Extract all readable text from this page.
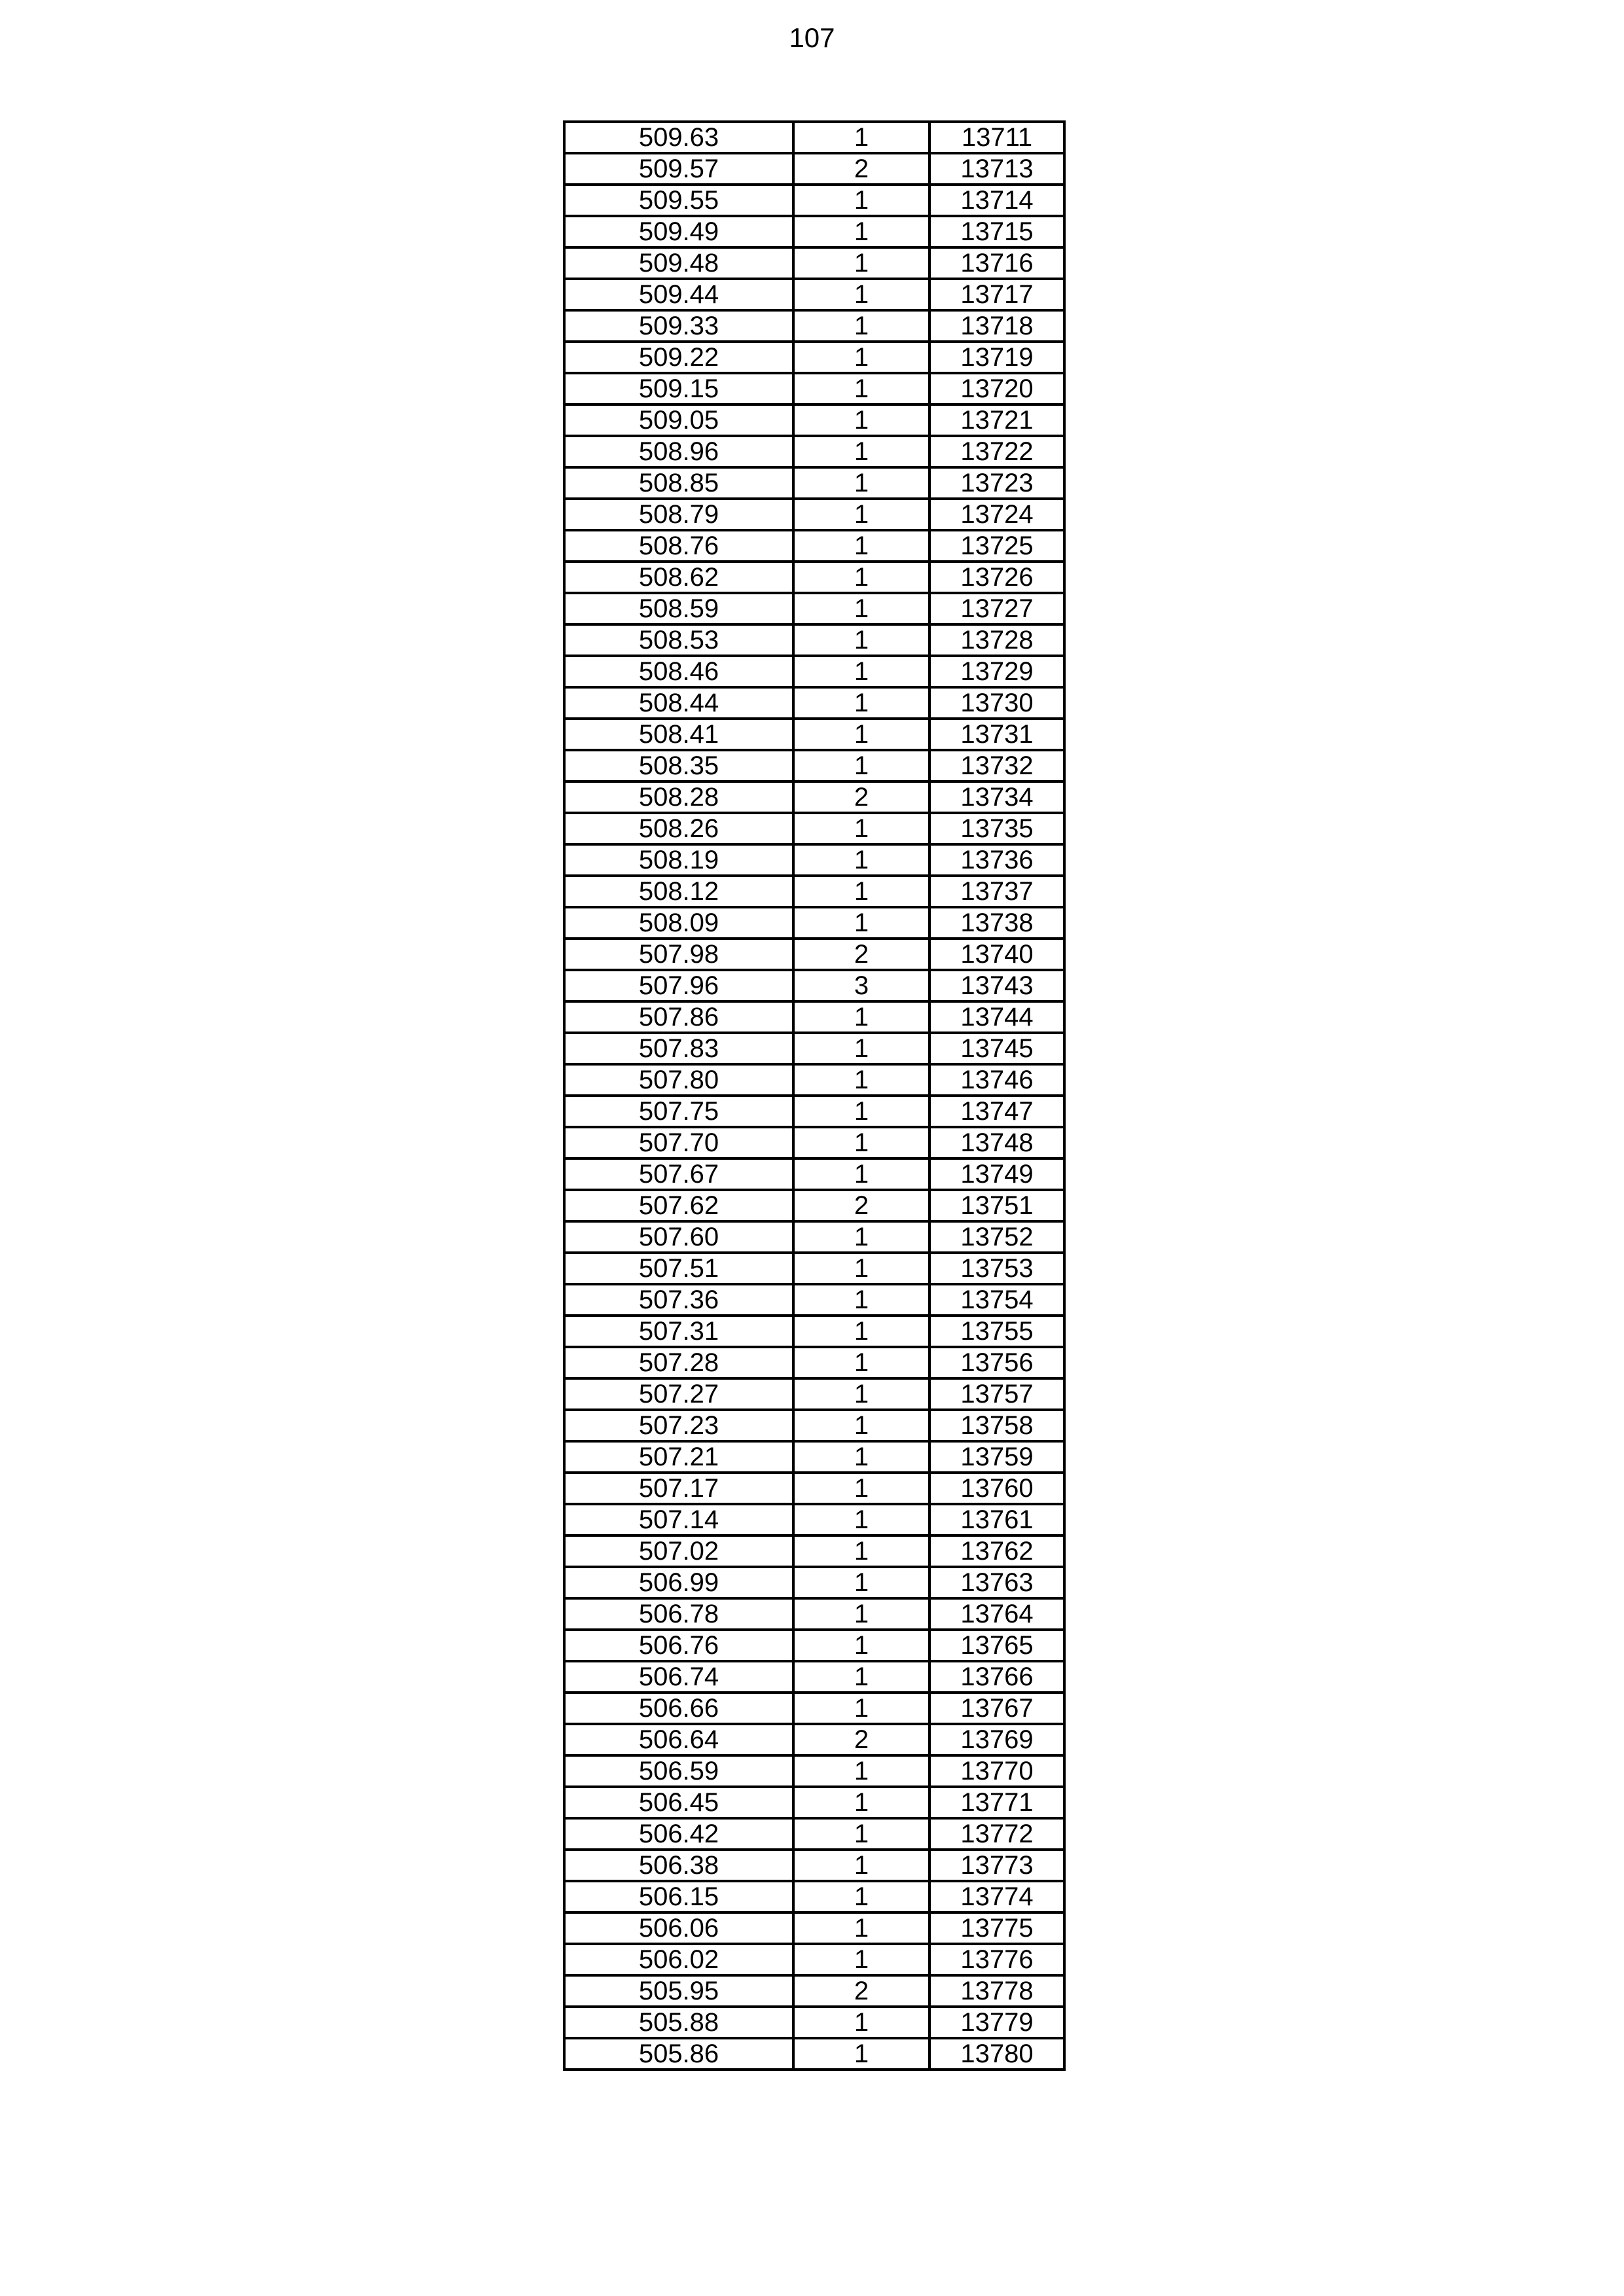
107
509.63	1	13711
509.57	2	13713
509.55	1	13714
509.49	1	13715
509.48	1	13716
509.44	1	13717
509.33	1	13718
509.22	1	13719
509.15	1	13720
509.05	1	13721
508.96	1	13722
508.85	1	13723
508.79	1	13724
508.76	1	13725
508.62	1	13726
508.59	1	13727
508.53	1	13728
508.46	1	13729
508.44	1	13730
508.41	1	13731
508.35	1	13732
508.28	2	13734
508.26	1	13735
508.19	1	13736
508.12	1	13737
508.09	1	13738
507.98	2	13740
507.96	3	13743
507.86	1	13744
507.83	1	13745
507.80	1	13746
507.75	1	13747
507.70	1	13748
507.67	1	13749
507.62	2	13751
507.60	1	13752
507.51	1	13753
507.36	1	13754
507.31	1	13755
507.28	1	13756
507.27	1	13757
507.23	1	13758
507.21	1	13759
507.17	1	13760
507.14	1	13761
507.02	1	13762
506.99	1	13763
506.78	1	13764
506.76	1	13765
506.74	1	13766
506.66	1	13767
506.64	2	13769
506.59	1	13770
506.45	1	13771
506.42	1	13772
506.38	1	13773
506.15	1	13774
506.06	1	13775
506.02	1	13776
505.95	2	13778
505.88	1	13779
505.86	1	13780
